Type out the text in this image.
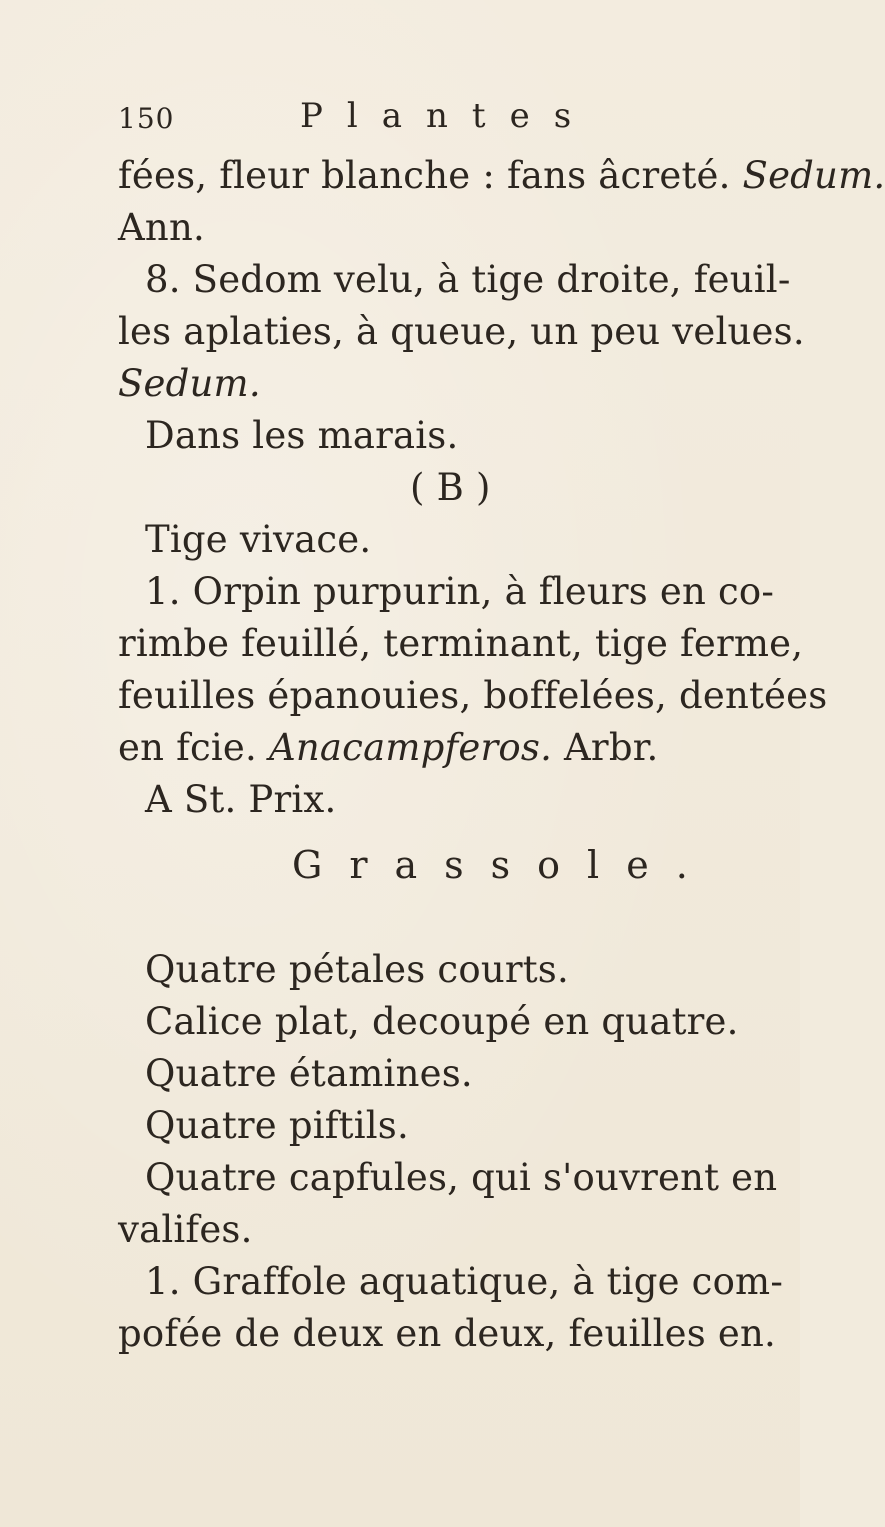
150	Plantes
fées, fleur blanche : fans âcreté. Sedum.
Ann.
8. Sedom velu, à tige droite, feuil-
les aplaties, à queue, un peu velues.
Sedum.
Dans les marais.
( B )
Tige vivace.
1. Orpin purpurin, à fleurs en co-
rimbe feuillé, terminant, tige ferme,
feuilles épanouies, boffelées, dentées
en fcie. Anacampferos. Arbr.
A St. Prix.
Grassole.
Quatre pétales courts.
Calice plat, decoupé en quatre.
Quatre étamines.
Quatre piftils.
Quatre capfules, qui s'ouvrent en
valifes.
1. Graffole aquatique, à tige com-
pofée de deux en deux, feuilles en.
